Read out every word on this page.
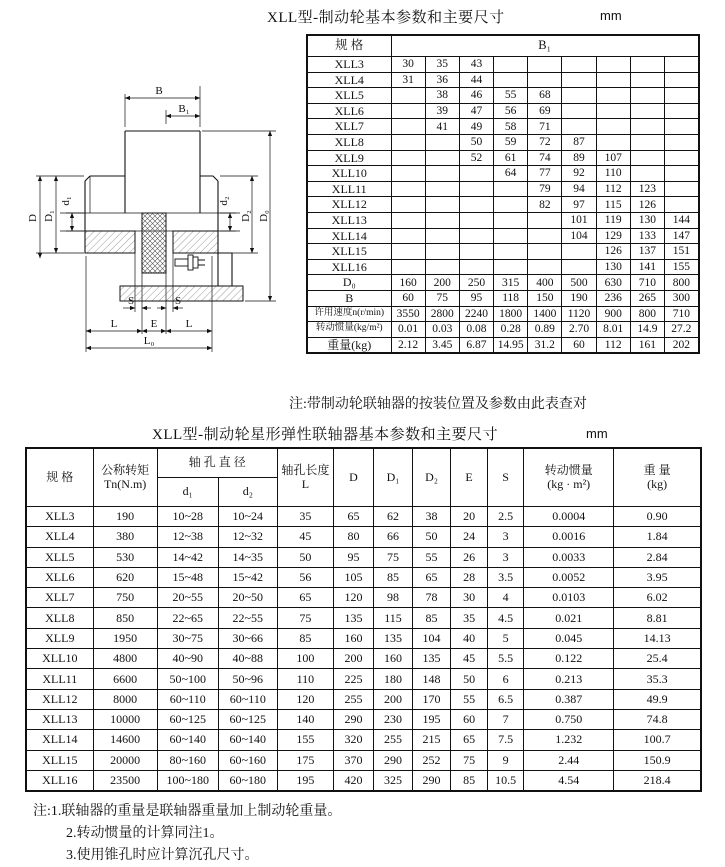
XLL型-制动轮基本参数和主要尺寸	mm
B
B₁
D D₁
d₁	d₂
D₂ D₀
S	S
L	E	L
L₀
规 格	B₁								
XLL3	30	35	43						
XLL4	31	36	44						
XLL5		38	46	55	68				
XLL6		39	47	56	69				
XLL7		41	49	58	71				
XLL8			50	59	72	87			
XLL9			52	61	74	89	107		
XLL10				64	77	92	110		
XLL11					79	94	112	123	
XLL12					82	97	115	126	
XLL13						101	119	130	144
XLL14						104	129	133	147
XLL15							126	137	151
XLL16							130	141	155
D₀	160	200	250	315	400	500	630	710	800
B	60	75	95	118	150	190	236	265	300
许用速度n(r/min)	3550	2800	2240	1800	1400	1120	900	800	710
转动惯量(kg/m²)	0.01	0.03	0.08	0.28	0.89	2.70	8.01	14.9	27.2
重量(kg)	2.12	3.45	6.87	14.95	31.2	60	112	161	202
注:带制动轮联轴器的按装位置及参数由此表查对
XLL型-制动轮星形弹性联轴器基本参数和主要尺寸	mm
规 格	公称转矩
Tn(N.m)
	轴 孔 直 径	
轴孔长度
L	D	D₁	D₂	E	S	转动惯量
(kg · m²)

重 量
(kg)

		d₁	d₂								
XLL3	190	10~28	10~24	35	65	62	38	20	2.5	0.0004	0.90
XLL4	380	12~38	12~32	45	80	66	50	24	3	0.0016	1.84
XLL5	530	14~42	14~35	50	95	75	55	26	3	0.0033	2.84
XLL6	620	15~48	15~42	56	105	85	65	28	3.5	0.0052	3.95
XLL7	750	20~55	20~50	65	120	98	78	30	4	0.0103	6.02
XLL8	850	22~65	22~55	75	135	115	85	35	4.5	0.021	8.81
XLL9	1950	30~75	30~66	85	160	135	104	40	5	0.045	14.13
XLL10	4800	40~90	40~88	100	200	160	135	45	5.5	0.122	25.4
XLL11	6600	50~100	50~96	110	225	180	148	50	6	0.213	35.3
XLL12	8000	60~110	60~110	120	255	200	170	55	6.5	0.387	49.9
XLL13	10000	60~125	60~125	140	290	230	195	60	7	0.750	74.8
XLL14	14600	60~140	60~140	155	320	255	215	65	7.5	1.232	100.7
XLL15	20000	80~160	60~160	175	370	290	252	75	9	2.44	150.9
XLL16	23500	100~180	60~180	195	420	325	290	85	10.5	4.54	218.4
注:1.联轴器的重量是联轴器重量加上制动轮重量。
2.转动惯量的计算同注1。
3.使用锥孔时应计算沉孔尺寸。
